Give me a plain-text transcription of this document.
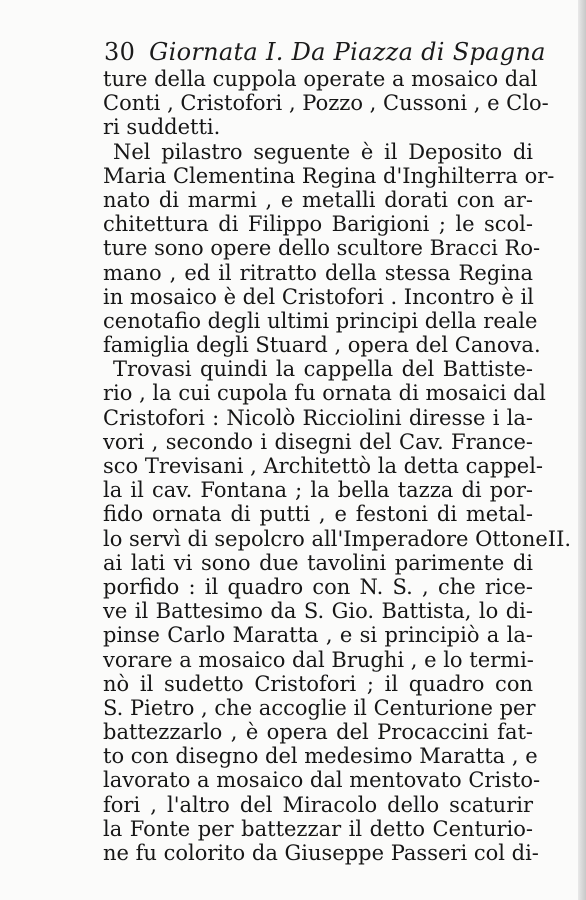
30 Giornata I. Da Piazza di Spagna
ture della cuppola operate a mosaico dal
Conti , Cristofori , Pozzo , Cussoni , e Clo-
ri suddetti.
Nel pilastro seguente è il Deposito di
Maria Clementina Regina d'Inghilterra or-
nato di marmi , e metalli dorati con ar-
chitettura di Filippo Barigioni ; le scol-
ture sono opere dello scultore Bracci Ro-
mano , ed il ritratto della stessa Regina
in mosaico è del Cristofori . Incontro è il
cenotafio degli ultimi principi della reale
famiglia degli Stuard , opera del Canova.
Trovasi quindi la cappella del Battiste-
rio , la cui cupola fu ornata di mosaici dal
Cristofori : Nicolò Ricciolini diresse i la-
vori , secondo i disegni del Cav. France-
sco Trevisani , Architettò la detta cappel-
la il cav. Fontana ; la bella tazza di por-
fido ornata di putti , e festoni di metal-
lo servì di sepolcro all'Imperadore OttoneII.
ai lati vi sono due tavolini parimente di
porfido : il quadro con N. S. , che rice-
ve il Battesimo da S. Gio. Battista, lo di-
pinse Carlo Maratta , e si principiò a la-
vorare a mosaico dal Brughi , e lo termi-
nò il sudetto Cristofori ; il quadro con
S. Pietro , che accoglie il Centurione per
battezzarlo , è opera del Procaccini fat-
to con disegno del medesimo Maratta , e
lavorato a mosaico dal mentovato Cristo-
fori , l'altro del Miracolo dello scaturir
la Fonte per battezzar il detto Centurio-
ne fu colorito da Giuseppe Passeri col di-
